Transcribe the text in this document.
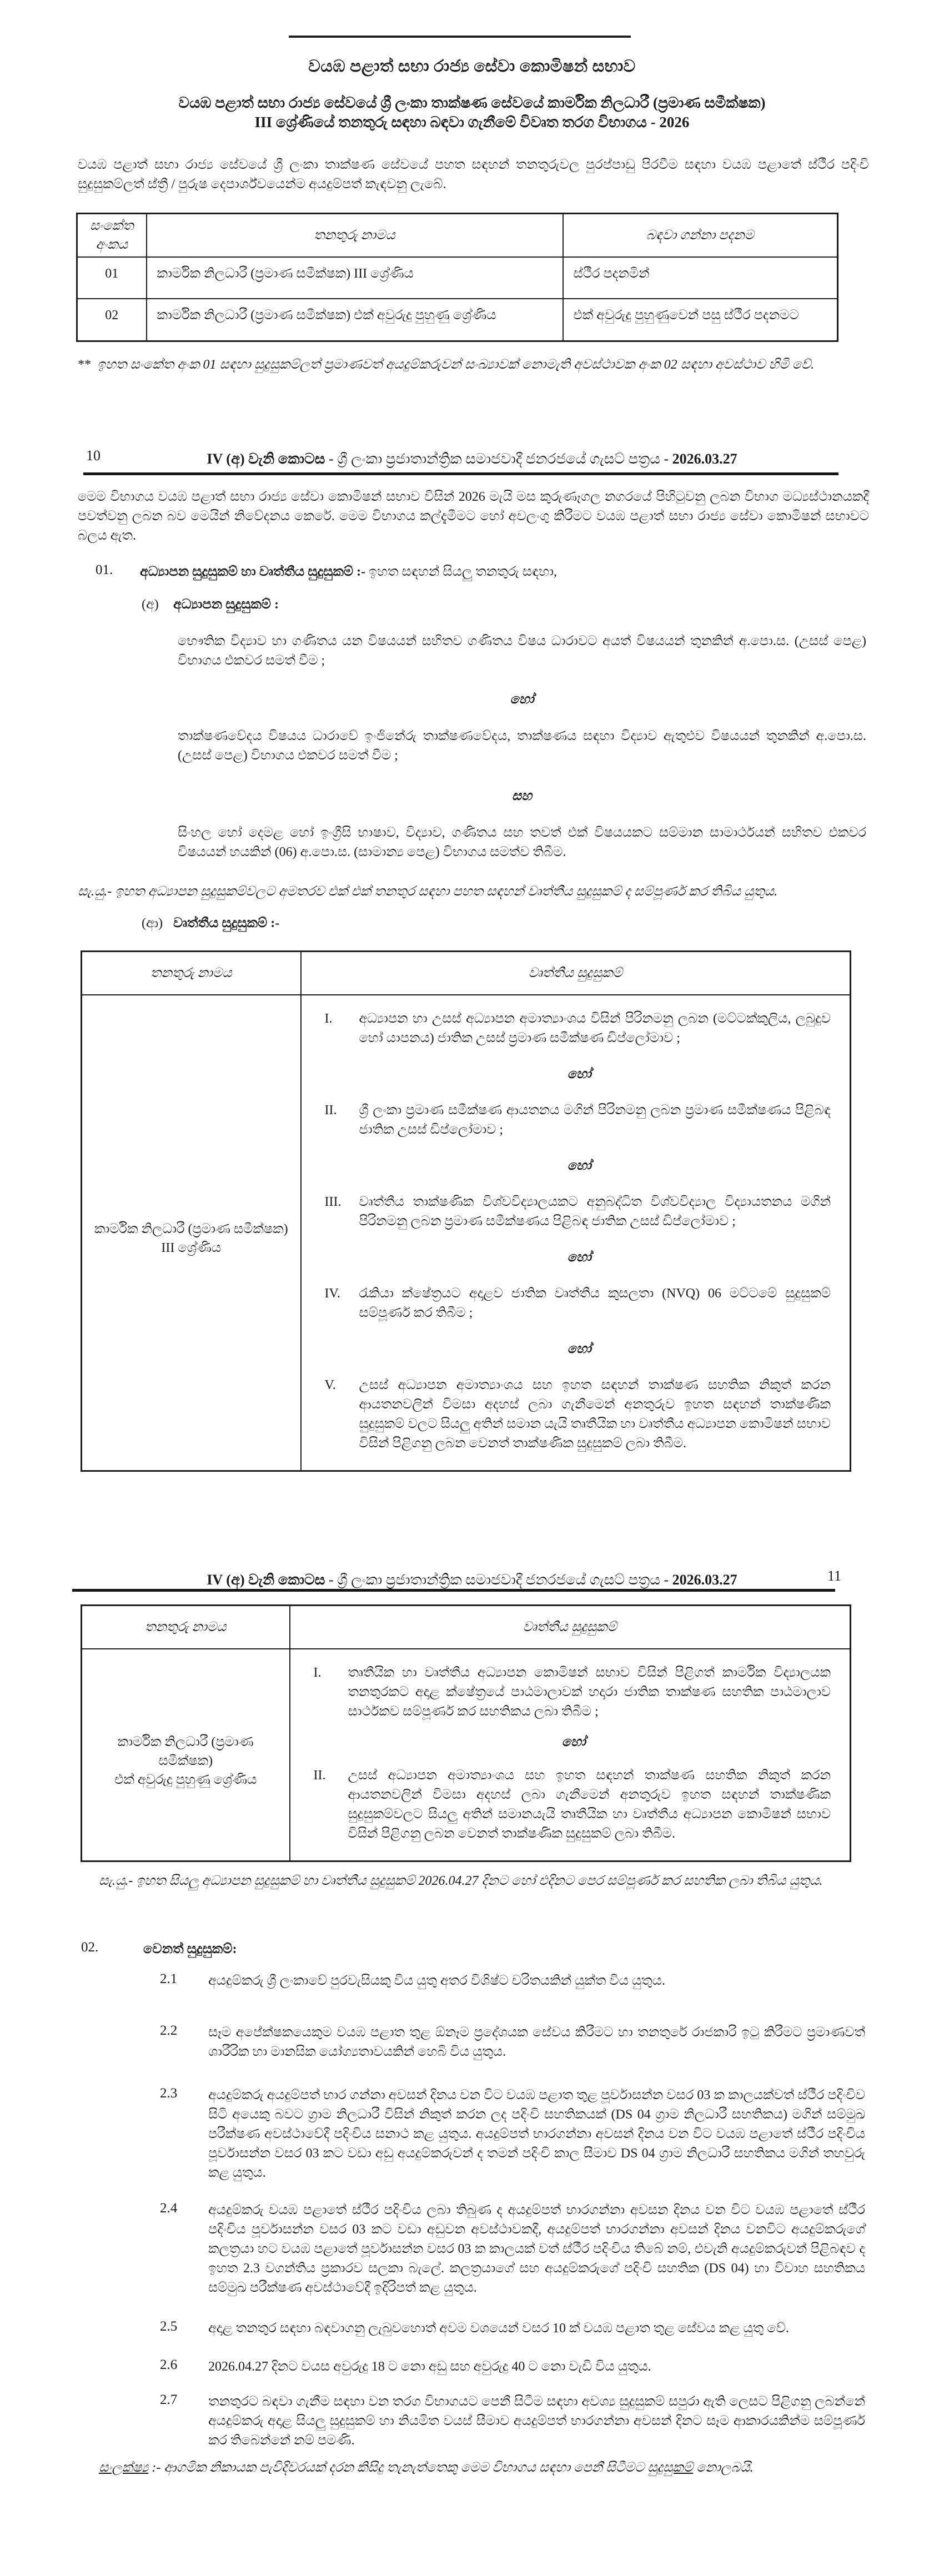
වයඹ පළාත් සභා රාජ්‍ය සේවා කොමිෂන් සභාව
වයඹ පළාත් සභා රාජ්‍ය සේවයේ ශ්‍රී ලංකා තාක්ෂණ සේවයේ කාර්මික නිලධාරී (ප්‍රමාණ සමීක්ෂක)
III ශ්‍රේණියේ තනතුරු සඳහා බඳවා ගැනීමේ විවෘත තරග විභාගය - 2026
වයඹ පළාත් සභා රාජ්‍ය සේවයේ ශ්‍රී ලංකා තාක්ෂණ සේවයේ පහත සඳහන් තනතුරුවල පුරප්පාඩු පිරවීම සඳහා වයඹ පළාතේ ස්ථීර පදිංචි සුදුසුකම්ලත් ස්ත්‍රී / පුරුෂ දෙපාර්ශ්වයෙන්ම අයදුම්පත් කැඳවනු ලැබේ.
සංකේත අංකය	තනතුරු නාමය	බඳවා ගන්නා පදනම
01	කාර්මික නිලධාරී (ප්‍රමාණ සමීක්ෂක) III ශ්‍රේණිය	ස්ථීර පදනමින්
02	කාර්මික නිලධාරී (ප්‍රමාණ සමීක්ෂක) එක් අවුරුදු පුහුණු ශ්‍රේණිය	එක් අවුරුදු පුහුණුවෙන් පසු ස්ථීර පදනමට
** ඉහත සංකේත අංක 01 සඳහා සුදුසුකම්ලත් ප්‍රමාණවත් අයදුම්කරුවන් සංඛ්‍යාවක් නොමැති අවස්ථාවක අංක 02 සඳහා අවස්ථාව හිමි වේ.
10	IV (අ) වැනි කොටස - ශ්‍රී ලංකා ප්‍රජාතාන්ත්‍රික සමාජවාදී ජනරජයේ ගැසට් පත්‍රය - 2026.03.27
මෙම විභාගය වයඹ පළාත් සභා රාජ්‍ය සේවා කොමිෂන් සභාව විසින් 2026 මැයි මස කුරුණෑගල නගරයේ පිහිටුවනු ලබන විභාග මධ්‍යස්ථානයකදී පවත්වනු ලබන බව මෙයින් නිවේදනය කෙරේ. මෙම විභාගය කල්දැමීමට හෝ අවලංගු කිරීමට වයඹ පළාත් සභා රාජ්‍ය සේවා කොමිෂන් සභාවට බලය ඇත.
01. අධ්‍යාපන සුදුසුකම් හා වෘත්තීය සුදුසුකම් :- ඉහත සඳහන් සියලු තනතුරු සඳහා,
(අ) අධ්‍යාපන සුදුසුකම් :
භෞතික විද්‍යාව හා ගණිතය යන විෂයයන් සහිතව ගණිතය විෂය ධාරාවට අයත් විෂයයන් තුනකින් අ.පො.ස. (උසස් පෙළ) විභාගය එකවර සමත් වීම ;
හෝ
තාක්ෂණවේදය විෂයය ධාරාවේ ඉංජිනේරු තාක්ෂණවේදය, තාක්ෂණය සඳහා විද්‍යාව ඇතුළුව විෂයයන් තුනකින් අ.පො.ස. (උසස් පෙළ) විභාගය එකවර සමත් වීම ;
සහ
සිංහල හෝ දෙමළ හෝ ඉංග්‍රීසි භාෂාව, විද්‍යාව, ගණිතය සහ තවත් එක් විෂයයකට සම්මාන සාමාර්ථයන් සහිතව එකවර විෂයයන් හයකින් (06) අ.පො.ස. (සාමාන්‍ය පෙළ) විභාගය සමත්ව තිබීම.
සැ.යු.- ඉහත අධ්‍යාපන සුදුසුකම්වලට අමතරව එක් එක් තනතුර සඳහා පහත සඳහන් වෘත්තීය සුදුසුකම් ද සම්පූර්ණ කර තිබිය යුතුය.
(ආ) වෘත්තීය සුදුසුකම් :-
තනතුරු නාමය	වෘත්තීය සුදුසුකම්
කාර්මික නිලධාරී (ප්‍රමාණ සමීක්ෂක) III ශ්‍රේණිය	
I.	අධ්‍යාපන හා උසස් අධ්‍යාපන අමාත්‍යාංශය විසින් පිරිනමනු ලබන (මට්ටක්කුලිය, ලබුදුව හෝ යාපනය) ජාතික උසස් ප්‍රමාණ සමීක්ෂණ ඩිප්ලෝමාව ;
හෝ
II.	ශ්‍රී ලංකා ප්‍රමාණ සමීක්ෂණ ආයතනය මගින් පිරිනමනු ලබන ප්‍රමාණ සමීක්ෂණය පිළිබඳ ජාතික උසස් ඩිප්ලෝමාව ;
හෝ
III.	වෘත්තීය තාක්ෂණික විශ්වවිද්‍යාලයකට අනුබද්ධිත විශ්වවිද්‍යාල විද්‍යායතනය මගින් පිරිනමනු ලබන ප්‍රමාණ සමීක්ෂණය පිළිබඳ ජාතික උසස් ඩිප්ලෝමාව ;
හෝ
IV.	රැකියා ක්ෂේත්‍රයට අදාළව ජාතික වෘත්තීය කුසලතා (NVQ) 06 මට්ටමේ සුදුසුකම් සම්පූර්ණ කර තිබීම ;
හෝ
V.	උසස් අධ්‍යාපන අමාත්‍යාංශය සහ ඉහත සඳහන් තාක්ෂණ සහතික නිකුත් කරන ආයතනවලින් විමසා අදහස් ලබා ගැනීමෙන් අනතුරුව ඉහත සඳහන් තාක්ෂණික සුදුසුකම් වලට සියලු අතින් සමාන යැයි තෘතීයික හා වෘත්තීය අධ්‍යාපන කොමිෂන් සභාව විසින් පිළිගනු ලබන වෙනත් තාක්ෂණික සුදුසුකම් ලබා තිබීම.
IV (අ) වැනි කොටස - ශ්‍රී ලංකා ප්‍රජාතාන්ත්‍රික සමාජවාදී ජනරජයේ ගැසට් පත්‍රය - 2026.03.27	11
තනතුරු නාමය	වෘත්තීය සුදුසුකම්

කාර්මික නිලධාරී (ප්‍රමාණ සමීක්ෂක)
එක් අවුරුදු පුහුණු ශ්‍රේණිය

I.	තෘතීයික හා වෘත්තීය අධ්‍යාපන කොමිෂන් සභාව විසින් පිළිගත් කාර්මික විද්‍යාලයක තනතුරකට අදාළ ක්ෂේත්‍රයේ පාඨමාලාවක් හදාරා ජාතික තාක්ෂණ සහතික පාඨමාලාව සාර්ථකව සම්පූර්ණ කර සහතිකය ලබා තිබීම ;
හෝ
II.	උසස් අධ්‍යාපන අමාත්‍යාංශය සහ ඉහත සඳහන් තාක්ෂණ සහතික නිකුත් කරන ආයතනවලින් විමසා අදහස් ලබා ගැනීමෙන් අනතුරුව ඉහත සඳහන් තාක්ෂණික සුදුසුකම්වලට සියලු අතින් සමානයැයි තෘතීයික හා වෘත්තීය අධ්‍යාපන කොමිෂන් සභාව විසින් පිළිගනු ලබන වෙනත් තාක්ෂණික සුදුසුකම් ලබා තිබීම.
සැ.යු.- ඉහත සියලු අධ්‍යාපන සුදුසුකම් හා වෘත්තීය සුදුසුකම් 2026.04.27 දිනට හෝ එදිනට පෙර සම්පූර්ණ කර සහතික ලබා තිබිය යුතුය.
02.	වෙනත් සුදුසුකම්:
2.1	අයදුම්කරු ශ්‍රී ලංකාවේ පුරවැසියකු විය යුතු අතර විශිෂ්ට චරිතයකින් යුක්ත විය යුතුය.
2.2	සෑම අපේක්ෂකයෙකුම වයඹ පළාත තුළ ඕනෑම ප්‍රදේශයක සේවය කිරීමට හා තනතුරේ රාජකාරි ඉටු කිරීමට ප්‍රමාණවත් ශාරීරික හා මානසික යෝග්‍යතාවයකින් හෙබි විය යුතුය.
2.3	අයදුම්කරු අයදුම්පත් භාර ගන්නා අවසන් දිනය වන විට වයඹ පළාත තුළ පූර්වාසන්න වසර 03 ක කාලයක්වත් ස්ථීර පදිංචිව සිටි අයෙකු බවට ග්‍රාම නිලධාරී විසින් නිකුත් කරන ලද පදිංචි සහතිකයක් (DS 04 ග්‍රාම නිලධාරී සහතිකය) මගින් සම්මුඛ පරීක්ෂණ අවස්ථාවේදී පදිංචිය සනාථ කළ යුතුය. අයදුම්පත් භාරගන්නා අවසන් දිනය වන විට වයඹ පළාතේ ස්ථීර පදිංචිය පූර්වාසන්න වසර 03 කට වඩා අඩු අයදුම්කරුවන් ද තමන් පදිංචි කාල සීමාව DS 04 ග්‍රාම නිලධාරී සහතිකය මගින් තහවුරු කළ යුතුය.
2.4	අයදුම්කරු වයඹ පළාතේ ස්ථීර පදිංචිය ලබා තිබුණ ද අයදුම්පත් භාරගන්නා අවසන දිනය වන විට වයඹ පළාතේ ස්ථීර පදිංචිය පූර්වාසන්න වසර 03 කට වඩා අඩුවන අවස්ථාවකදී, අයදුම්පත් භාරගන්නා අවසන් දිනය වනවිට අයදුම්කරුගේ කලත්‍රයා හට වයඹ පළාතේ පූර්වාසන්න වසර 03 ක කාලයක් වත් ස්ථීර පදිංචිය තිබේ නම්, එවැනි අයදුම්කරුවන් පිළිබඳව ද ඉහත 2.3 වගන්තිය ප්‍රකාරව සලකා බැලේ. කලත්‍රයාගේ සහ අයදුම්කරුගේ පදිංචි සහතික (DS 04) හා විවාහ සහතිකය සම්මුඛ පරීක්ෂණ අවස්ථාවේදී ඉදිරිපත් කළ යුතුය.
2.5	අදාළ තනතුර සඳහා බඳවාගනු ලැබුවහොත් අවම වශයෙන් වසර 10 ක් වයඹ පළාත තුළ සේවය කළ යුතු වේ.
2.6	2026.04.27 දිනට වයස අවුරුදු 18 ට නො අඩු සහ අවුරුදු 40 ට නො වැඩි විය යුතුය.
2.7	තනතුරට බඳවා ගැනීම සඳහා වන තරග විභාගයට පෙනී සිටීම සඳහා අවශ්‍ය සුදුසුකම් සපුරා ඇති ලෙසට පිළිගනු ලබන්නේ අයදුම්කරු අදාළ සියලු සුදුසුකම් හා නියමිත වයස් සීමාව අයදුම්පත් භාරගන්නා අවසන් දිනට සෑම ආකාරයකින්ම සම්පූර්ණ කර තිබෙන්නේ නම් පමණි.
සංලක්ෂ්‍ය :- ආගමික නිකායක පැවිදිවරයක් දරන කිසිදු තැනැත්තෙකු මෙම විභාගය සඳහා පෙනී සිටීමට සුදුසුකම් නොලබයි.
